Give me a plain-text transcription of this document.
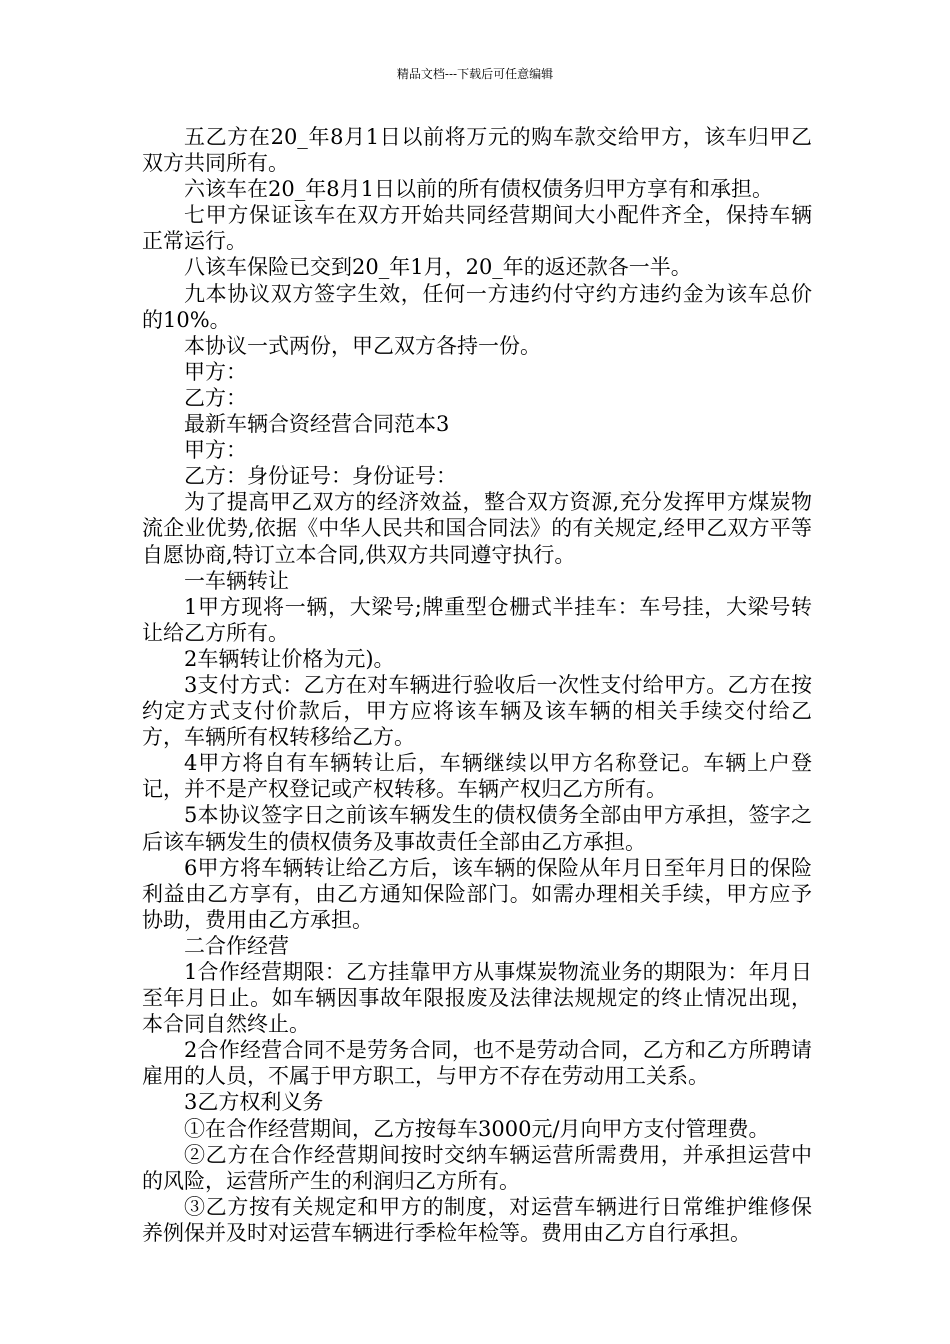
精品文档---下载后可任意编辑

五乙方在20_年8月1日以前将万元的购车款交给甲方，该车归甲乙双方共同所有。

六该车在20_年8月1日以前的所有债权债务归甲方享有和承担。

七甲方保证该车在双方开始共同经营期间大小配件齐全，保持车辆正常运行。

八该车保险已交到20_年1月，20_年的返还款各一半。

九本协议双方签字生效，任何一方违约付守约方违约金为该车总价的10%。

本协议一式两份，甲乙双方各持一份。

甲方：

乙方：

最新车辆合资经营合同范本3

甲方：

乙方：身份证号：身份证号：

为了提高甲乙双方的经济效益，整合双方资源,充分发挥甲方煤炭物流企业优势,依据《中华人民共和国合同法》的有关规定,经甲乙双方平等自愿协商,特订立本合同,供双方共同遵守执行。

一车辆转让

1甲方现将一辆，大梁号;牌重型仓栅式半挂车：车号挂，大梁号转让给乙方所有。

2车辆转让价格为元)。

3支付方式：乙方在对车辆进行验收后一次性支付给甲方。乙方在按约定方式支付价款后，甲方应将该车辆及该车辆的相关手续交付给乙方，车辆所有权转移给乙方。

4甲方将自有车辆转让后，车辆继续以甲方名称登记。车辆上户登记，并不是产权登记或产权转移。车辆产权归乙方所有。

5本协议签字日之前该车辆发生的债权债务全部由甲方承担，签字之后该车辆发生的债权债务及事故责任全部由乙方承担。

6甲方将车辆转让给乙方后，该车辆的保险从年月日至年月日的保险利益由乙方享有，由乙方通知保险部门。如需办理相关手续，甲方应予协助，费用由乙方承担。

二合作经营

1合作经营期限：乙方挂靠甲方从事煤炭物流业务的期限为：年月日至年月日止。如车辆因事故年限报废及法律法规规定的终止情况出现，本合同自然终止。

2合作经营合同不是劳务合同，也不是劳动合同，乙方和乙方所聘请雇用的人员，不属于甲方职工，与甲方不存在劳动用工关系。

3乙方权利义务

①在合作经营期间，乙方按每车3000元/月向甲方支付管理费。

②乙方在合作经营期间按时交纳车辆运营所需费用，并承担运营中的风险，运营所产生的利润归乙方所有。

③乙方按有关规定和甲方的制度，对运营车辆进行日常维护维修保养例保并及时对运营车辆进行季检年检等。费用由乙方自行承担。
